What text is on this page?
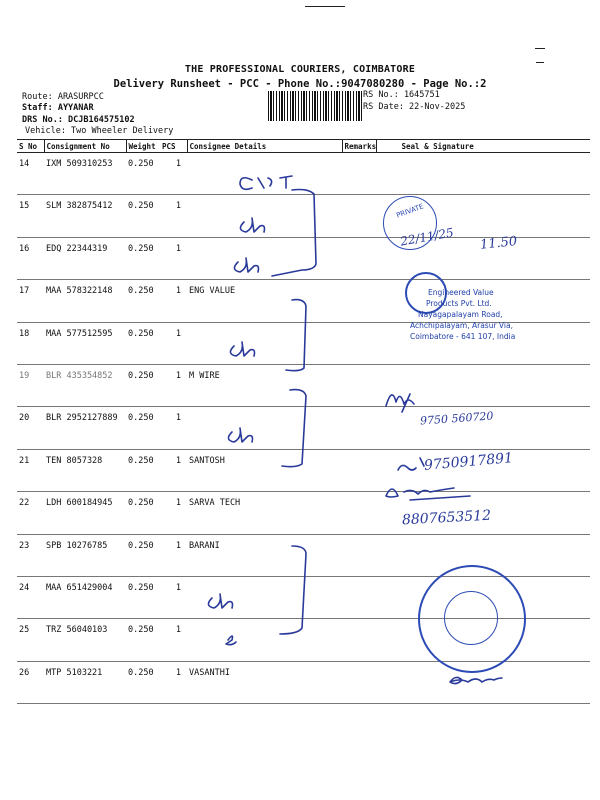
THE PROFESSIONAL COURIERS, COIMBATORE
Delivery Runsheet - PCC - Phone No.:9047080280 - Page No.:2
Route: ARASURPCC
Staff: AYYANAR
DRS No.: DCJB164575102
Vehicle: Two Wheeler Delivery
RS No.: 1645751
RS Date: 22-Nov-2025
S No	Consignment No	Weight	PCS	Consignee Details	Remarks	Seal & Signature
14	IXM 509310253	0.250	1			
15	SLM 382875412	0.250	1			
16	EDQ 22344319	0.250	1			
17	MAA 578322148	0.250	1	ENG VALUE		
18	MAA 577512595	0.250	1			
19	BLR 435354852	0.250	1	M WIRE		
20	BLR 2952127889	0.250	1			
21	TEN 8057328	0.250	1	SANTOSH		
22	LDH 600184945	0.250	1	SARVA TECH		
23	SPB 10276785	0.250	1	BARANI		
24	MAA 651429004	0.250	1			
25	TRZ 56040103	0.250	1			
26	MTP 5103221	0.250	1	VASANTHI		
22/11/25 11.50
9750 560720
9750917891
8807653512
PRIVATE
Engineered Value
Products Pvt. Ltd.
Nayagapalayam Road,
Achchipalayam, Arasur Via,
Coimbatore - 641 107, India
